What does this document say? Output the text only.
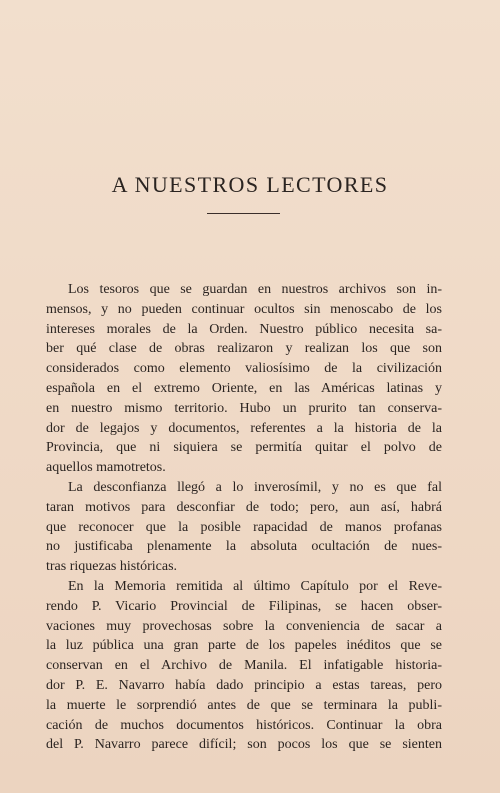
A NUESTROS LECTORES
Los tesoros que se guardan en nuestros archivos son in-
mensos, y no pueden continuar ocultos sin menoscabo de los
intereses morales de la Orden. Nuestro público necesita sa-
ber qué clase de obras realizaron y realizan los que son
considerados como elemento valiosísimo de la civilización
española en el extremo Oriente, en las Américas latinas y
en nuestro mismo territorio. Hubo un prurito tan conserva-
dor de legajos y documentos, referentes a la historia de la
Provincia, que ni siquiera se permitía quitar el polvo de
aquellos mamotretos.
La desconfianza llegó a lo inverosímil, y no es que fal
taran motivos para desconfiar de todo; pero, aun así, habrá
que reconocer que la posible rapacidad de manos profanas
no justificaba plenamente la absoluta ocultación de nues-
tras riquezas históricas.
En la Memoria remitida al último Capítulo por el Reve-
rendo P. Vicario Provincial de Filipinas, se hacen obser-
vaciones muy provechosas sobre la conveniencia de sacar a
la luz pública una gran parte de los papeles inéditos que se
conservan en el Archivo de Manila. El infatigable historia-
dor P. E. Navarro había dado principio a estas tareas, pero
la muerte le sorprendió antes de que se terminara la publi-
cación de muchos documentos históricos. Continuar la obra
del P. Navarro parece difícil; son pocos los que se sienten
